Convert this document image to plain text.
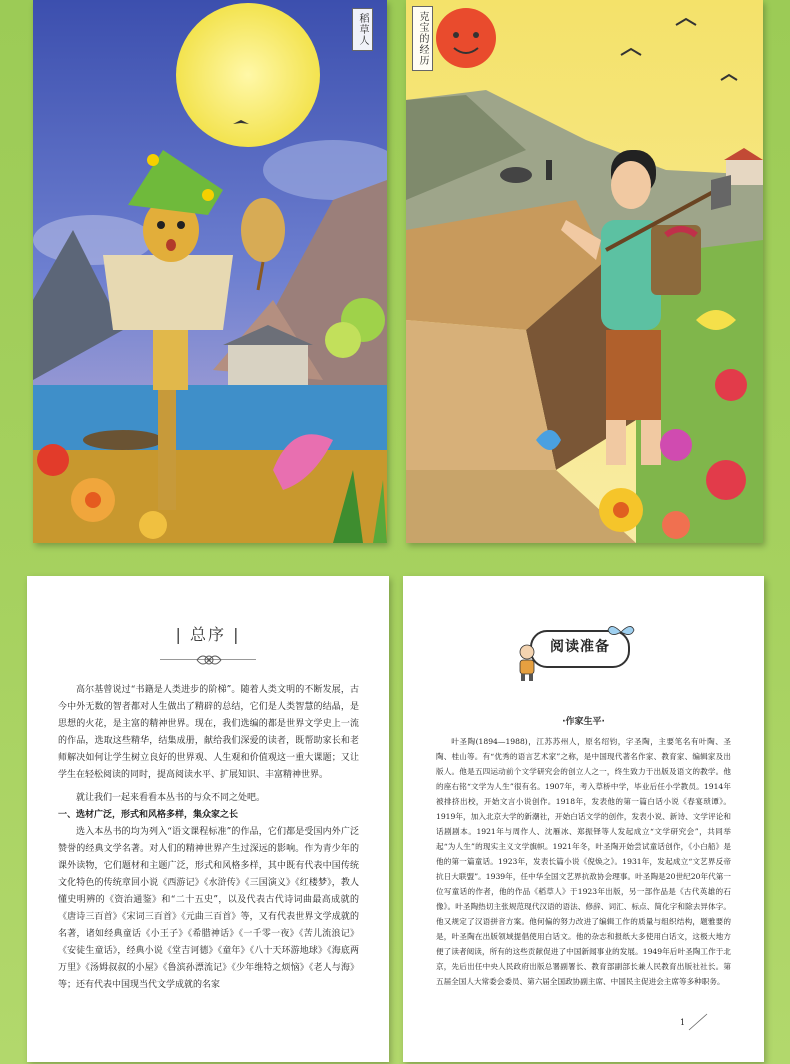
稻草人	克宝的经历
| 总序 |

高尔基曾说过“书籍是人类进步的阶梯”。随着人类文明的不断发展，古今中外无数的智者都对人生做出了精辟的总结，它们是人类智慧的结晶，是思想的火花，是主富的精神世界。现在，我们选编的都是世界文学史上一流的作品，选取这些精华，结集成册，献给我们深爱的读者，既帮助家长和老师解决如何让学生树立良好的世界观、人生观和价值观这一重大课题；又让学生在轻松阅读的同时，提高阅读水平、扩展知识、丰富精神世界。

就让我们一起来看看本丛书的与众不同之处吧。

一、选材广泛，形式和风格多样，集众家之长

选入本丛书的均为列入“语文课程标准”的作品，它们都是受国内外广泛赞誉的经典文学名著。对人们的精神世界产生过深远的影响。作为青少年的课外读物，它们题材和主题广泛，形式和风格多样，其中既有代表中国传统文化特色的传统章回小说《西游记》《水浒传》《三国演义》《红楼梦》，教人懂史明辨的《资治通鉴》和“二十五史”，以及代表古代诗词曲最高成就的《唐诗三百首》《宋词三百首》《元曲三百首》等，又有代表世界文学成就的名著，诸如经典童话《小王子》《希腊神话》《一千零一夜》《苦儿流浪记》《安徒生童话》，经典小说《堂吉诃德》《童年》《八十天环游地球》《海底两万里》《汤姆叔叔的小屋》《鲁滨孙漂流记》《少年维特之烦恼》《老人与海》等；还有代表中国现当代文学成就的名家

阅读准备
·作家生平·

叶圣陶(1894—1988)，江苏苏州人，原名绍钧，字圣陶，主要笔名有叶陶、圣陶、桂山等。有“优秀的语言艺术家”之称，是中国现代著名作家、教育家、编辑家及出版人。他是五四运动前个文学研究会的创立人之一，终生致力于出版及语文的教学。他的座右铭“文学为人生”很有名。1907年，考入草桥中学，毕业后任小学教员。1914年被排挤出校，开始文言小说创作。1918年，发表他的第一篇白话小说《春宴琐谭》。1919年，加入北京大学的新潮社，开始白话文学的创作，发表小说、新诗、文学评论和话剧剧本。1921年与周作人、沈雁冰、郑振铎等人发起成立“文学研究会”，共同举起“为人生”的现实主义文学旗帜。1921年冬，叶圣陶开始尝试童话创作，《小白船》是他的第一篇童话。1923年，发表长篇小说《倪焕之》。1931年，发起成立“文艺界反帝抗日大联盟”。1939年，任中华全国文艺界抗敌协会理事。叶圣陶是20世纪20年代第一位写童话的作者，他的作品《稻草人》于1923年出版，另一部作品是《古代英雄的石像》。叶圣陶热切主张规范现代汉语的语法、修辞、词汇、标点、简化字和除去异体字。他又规定了汉语拼音方案。他何偏的努力改进了编辑工作的质量与组织结构，题雅要的是，叶圣陶在出版领域提倡使用白话文。他的杂志和报纸大多使用白话文，这极大地方便了读者阅读，所有的这些贡献促进了中国新闻事业的发展。1949年后叶圣陶工作于北京，先后出任中央人民政府出版总署副署长、教育部副部长兼人民教育出版社社长。第五届全国人大常委会委员、第六届全国政协副主席、中国民主促进会主席等多种职务。

1
